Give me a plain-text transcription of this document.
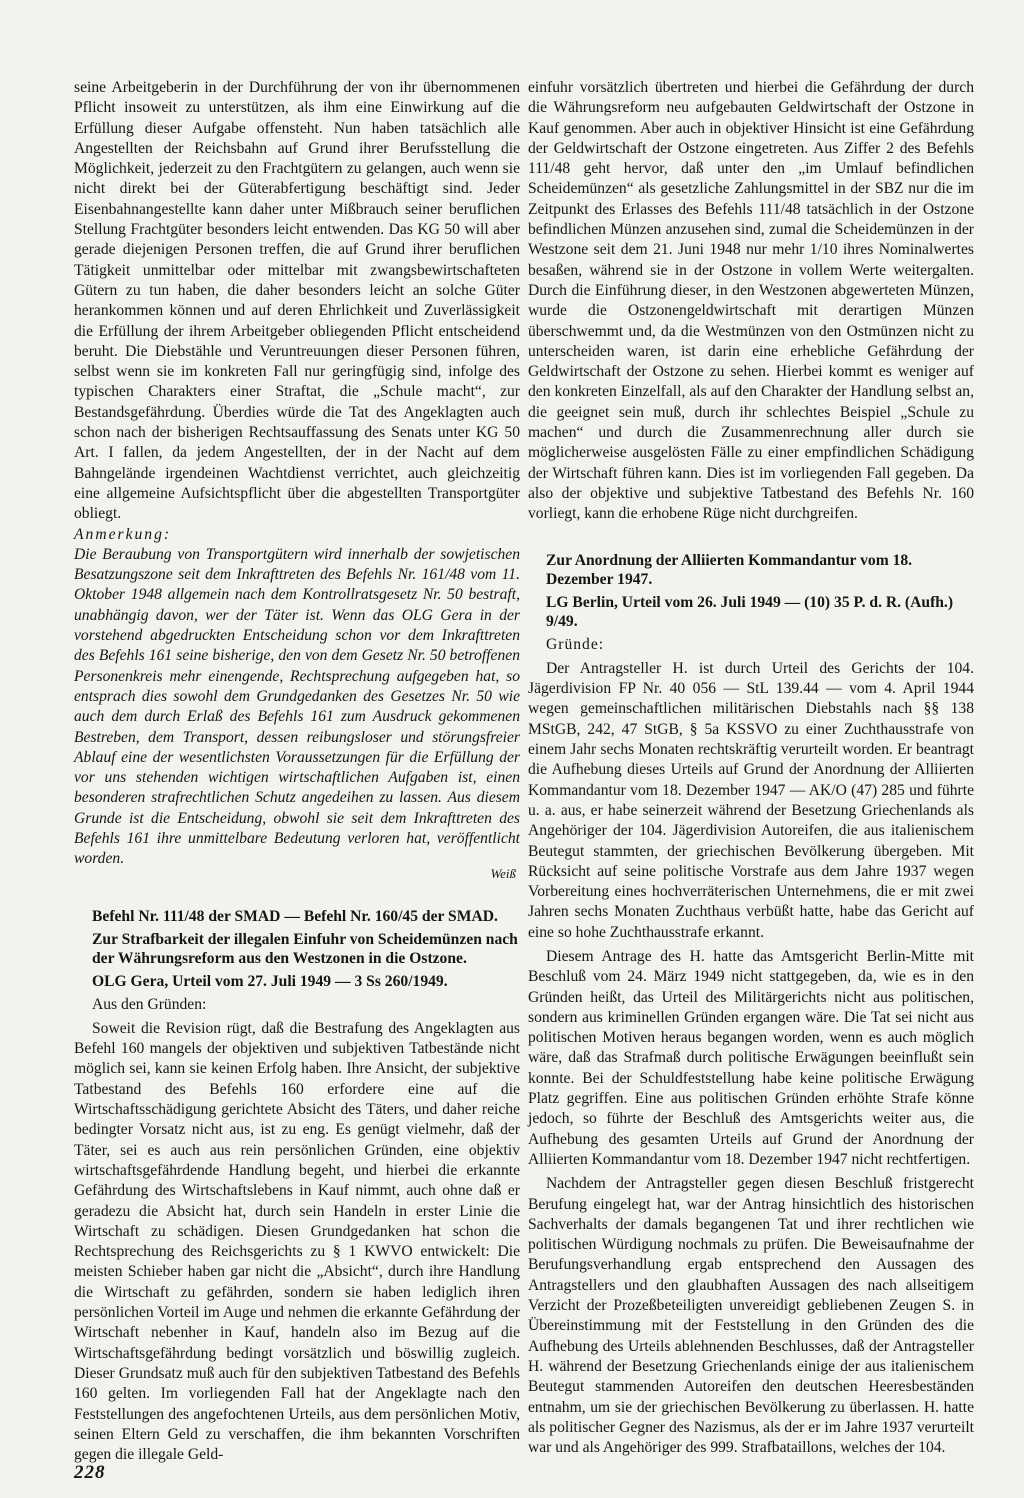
seine Arbeitgeberin in der Durchführung der von ihr übernommenen Pflicht insoweit zu unterstützen, als ihm eine Einwirkung auf die Erfüllung dieser Aufgabe offensteht. Nun haben tatsächlich alle Angestellten der Reichsbahn auf Grund ihrer Berufsstellung die Möglichkeit, jederzeit zu den Frachtgütern zu gelangen, auch wenn sie nicht direkt bei der Güterabfertigung beschäftigt sind. Jeder Eisenbahnangestellte kann daher unter Mißbrauch seiner beruflichen Stellung Frachtgüter besonders leicht entwenden. Das KG 50 will aber gerade diejenigen Personen treffen, die auf Grund ihrer beruflichen Tätigkeit unmittelbar oder mittelbar mit zwangsbewirtschafteten Gütern zu tun haben, die daher besonders leicht an solche Güter herankommen können und auf deren Ehrlichkeit und Zuverlässigkeit die Erfüllung der ihrem Arbeitgeber obliegenden Pflicht entscheidend beruht. Die Diebstähle und Veruntreuungen dieser Personen führen, selbst wenn sie im konkreten Fall nur geringfügig sind, infolge des typischen Charakters einer Straftat, die „Schule macht“, zur Bestandsgefährdung. Überdies würde die Tat des Angeklagten auch schon nach der bisherigen Rechtsauffassung des Senats unter KG 50 Art. I fallen, da jedem Angestellten, der in der Nacht auf dem Bahngelände irgendeinen Wachtdienst verrichtet, auch gleichzeitig eine allgemeine Aufsichtspflicht über die abgestellten Transportgüter obliegt.

Anmerkung:

Die Beraubung von Transportgütern wird innerhalb der sowjetischen Besatzungszone seit dem Inkrafttreten des Befehls Nr. 161/48 vom 11. Oktober 1948 allgemein nach dem Kontrollratsgesetz Nr. 50 bestraft, unabhängig davon, wer der Täter ist. Wenn das OLG Gera in der vorstehend abgedruckten Entscheidung schon vor dem Inkrafttreten des Befehls 161 seine bisherige, den von dem Gesetz Nr. 50 betroffenen Personenkreis mehr einengende, Rechtsprechung aufgegeben hat, so entsprach dies sowohl dem Grundgedanken des Gesetzes Nr. 50 wie auch dem durch Erlaß des Befehls 161 zum Ausdruck gekommenen Bestreben, dem Transport, dessen reibungsloser und störungsfreier Ablauf eine der wesentlichsten Voraussetzungen für die Erfüllung der vor uns stehenden wichtigen wirtschaftlichen Aufgaben ist, einen besonderen strafrechtlichen Schutz angedeihen zu lassen. Aus diesem Grunde ist die Entscheidung, obwohl sie seit dem Inkrafttreten des Befehls 161 ihre unmittelbare Bedeutung verloren hat, veröffentlicht worden.

Weiß

Befehl Nr. 111/48 der SMAD — Befehl Nr. 160/45 der SMAD.

Zur Strafbarkeit der illegalen Einfuhr von Scheidemünzen nach der Währungsreform aus den Westzonen in die Ostzone.

OLG Gera, Urteil vom 27. Juli 1949 — 3 Ss 260/1949.

Aus den Gründen:

Soweit die Revision rügt, daß die Bestrafung des Angeklagten aus Befehl 160 mangels der objektiven und subjektiven Tatbestände nicht möglich sei, kann sie keinen Erfolg haben. Ihre Ansicht, der subjektive Tatbestand des Befehls 160 erfordere eine auf die Wirtschaftsschädigung gerichtete Absicht des Täters, und daher reiche bedingter Vorsatz nicht aus, ist zu eng. Es genügt vielmehr, daß der Täter, sei es auch aus rein persönlichen Gründen, eine objektiv wirtschaftsgefährdende Handlung begeht, und hierbei die erkannte Gefährdung des Wirtschaftslebens in Kauf nimmt, auch ohne daß er geradezu die Absicht hat, durch sein Handeln in erster Linie die Wirtschaft zu schädigen. Diesen Grundgedanken hat schon die Rechtsprechung des Reichsgerichts zu § 1 KWVO entwickelt: Die meisten Schieber haben gar nicht die „Absicht“, durch ihre Handlung die Wirtschaft zu gefährden, sondern sie haben lediglich ihren persönlichen Vorteil im Auge und nehmen die erkannte Gefährdung der Wirtschaft nebenher in Kauf, handeln also im Bezug auf die Wirtschaftsgefährdung bedingt vorsätzlich und böswillig zugleich. Dieser Grundsatz muß auch für den subjektiven Tatbestand des Befehls 160 gelten. Im vorliegenden Fall hat der Angeklagte nach den Feststellungen des angefochtenen Urteils, aus dem persönlichen Motiv, seinen Eltern Geld zu verschaffen, die ihm bekannten Vorschriften gegen die illegale Geld-

einfuhr vorsätzlich übertreten und hierbei die Gefährdung der durch die Währungsreform neu aufgebauten Geldwirtschaft der Ostzone in Kauf genommen. Aber auch in objektiver Hinsicht ist eine Gefährdung der Geldwirtschaft der Ostzone eingetreten. Aus Ziffer 2 des Befehls 111/48 geht hervor, daß unter den „im Umlauf befindlichen Scheidemünzen“ als gesetzliche Zahlungsmittel in der SBZ nur die im Zeitpunkt des Erlasses des Befehls 111/48 tatsächlich in der Ostzone befindlichen Münzen anzusehen sind, zumal die Scheidemünzen in der Westzone seit dem 21. Juni 1948 nur mehr 1/10 ihres Nominalwertes besaßen, während sie in der Ostzone in vollem Werte weitergalten. Durch die Einführung dieser, in den Westzonen abgewerteten Münzen, wurde die Ostzonengeldwirtschaft mit derartigen Münzen überschwemmt und, da die Westmünzen von den Ostmünzen nicht zu unterscheiden waren, ist darin eine erhebliche Gefährdung der Geldwirtschaft der Ostzone zu sehen. Hierbei kommt es weniger auf den konkreten Einzelfall, als auf den Charakter der Handlung selbst an, die geeignet sein muß, durch ihr schlechtes Beispiel „Schule zu machen“ und durch die Zusammenrechnung aller durch sie möglicherweise ausgelösten Fälle zu einer empfindlichen Schädigung der Wirtschaft führen kann. Dies ist im vorliegenden Fall gegeben. Da also der objektive und subjektive Tatbestand des Befehls Nr. 160 vorliegt, kann die erhobene Rüge nicht durchgreifen.

Zur Anordnung der Alliierten Kommandantur vom 18. Dezember 1947.

LG Berlin, Urteil vom 26. Juli 1949 — (10) 35 P. d. R. (Aufh.) 9/49.

Gründe:

Der Antragsteller H. ist durch Urteil des Gerichts der 104. Jägerdivision FP Nr. 40 056 — StL 139.44 — vom 4. April 1944 wegen gemeinschaftlichen militärischen Diebstahls nach §§ 138 MStGB, 242, 47 StGB, § 5a KSSVO zu einer Zuchthausstrafe von einem Jahr sechs Monaten rechtskräftig verurteilt worden. Er beantragt die Aufhebung dieses Urteils auf Grund der Anordnung der Alliierten Kommandantur vom 18. Dezember 1947 — AK/O (47) 285 und führte u. a. aus, er habe seinerzeit während der Besetzung Griechenlands als Angehöriger der 104. Jägerdivision Autoreifen, die aus italienischem Beutegut stammten, der griechischen Bevölkerung übergeben. Mit Rücksicht auf seine politische Vorstrafe aus dem Jahre 1937 wegen Vorbereitung eines hochverräterischen Unternehmens, die er mit zwei Jahren sechs Monaten Zuchthaus verbüßt hatte, habe das Gericht auf eine so hohe Zuchthausstrafe erkannt.

Diesem Antrage des H. hatte das Amtsgericht Berlin-Mitte mit Beschluß vom 24. März 1949 nicht stattgegeben, da, wie es in den Gründen heißt, das Urteil des Militärgerichts nicht aus politischen, sondern aus kriminellen Gründen ergangen wäre. Die Tat sei nicht aus politischen Motiven heraus begangen worden, wenn es auch möglich wäre, daß das Strafmaß durch politische Erwägungen beeinflußt sein konnte. Bei der Schuldfeststellung habe keine politische Erwägung Platz gegriffen. Eine aus politischen Gründen erhöhte Strafe könne jedoch, so führte der Beschluß des Amtsgerichts weiter aus, die Aufhebung des gesamten Urteils auf Grund der Anordnung der Alliierten Kommandantur vom 18. Dezember 1947 nicht rechtfertigen.

Nachdem der Antragsteller gegen diesen Beschluß fristgerecht Berufung eingelegt hat, war der Antrag hinsichtlich des historischen Sachverhalts der damals begangenen Tat und ihrer rechtlichen wie politischen Würdigung nochmals zu prüfen. Die Beweisaufnahme der Berufungsverhandlung ergab entsprechend den Aussagen des Antragstellers und den glaubhaften Aussagen des nach allseitigem Verzicht der Prozeßbeteiligten unvereidigt gebliebenen Zeugen S. in Übereinstimmung mit der Feststellung in den Gründen des die Aufhebung des Urteils ablehnenden Beschlusses, daß der Antragsteller H. während der Besetzung Griechenlands einige der aus italienischem Beutegut stammenden Autoreifen den deutschen Heeresbeständen entnahm, um sie der griechischen Bevölkerung zu überlassen. H. hatte als politischer Gegner des Nazismus, als der er im Jahre 1937 verurteilt war und als Angehöriger des 999. Strafbataillons, welches der 104.

228
